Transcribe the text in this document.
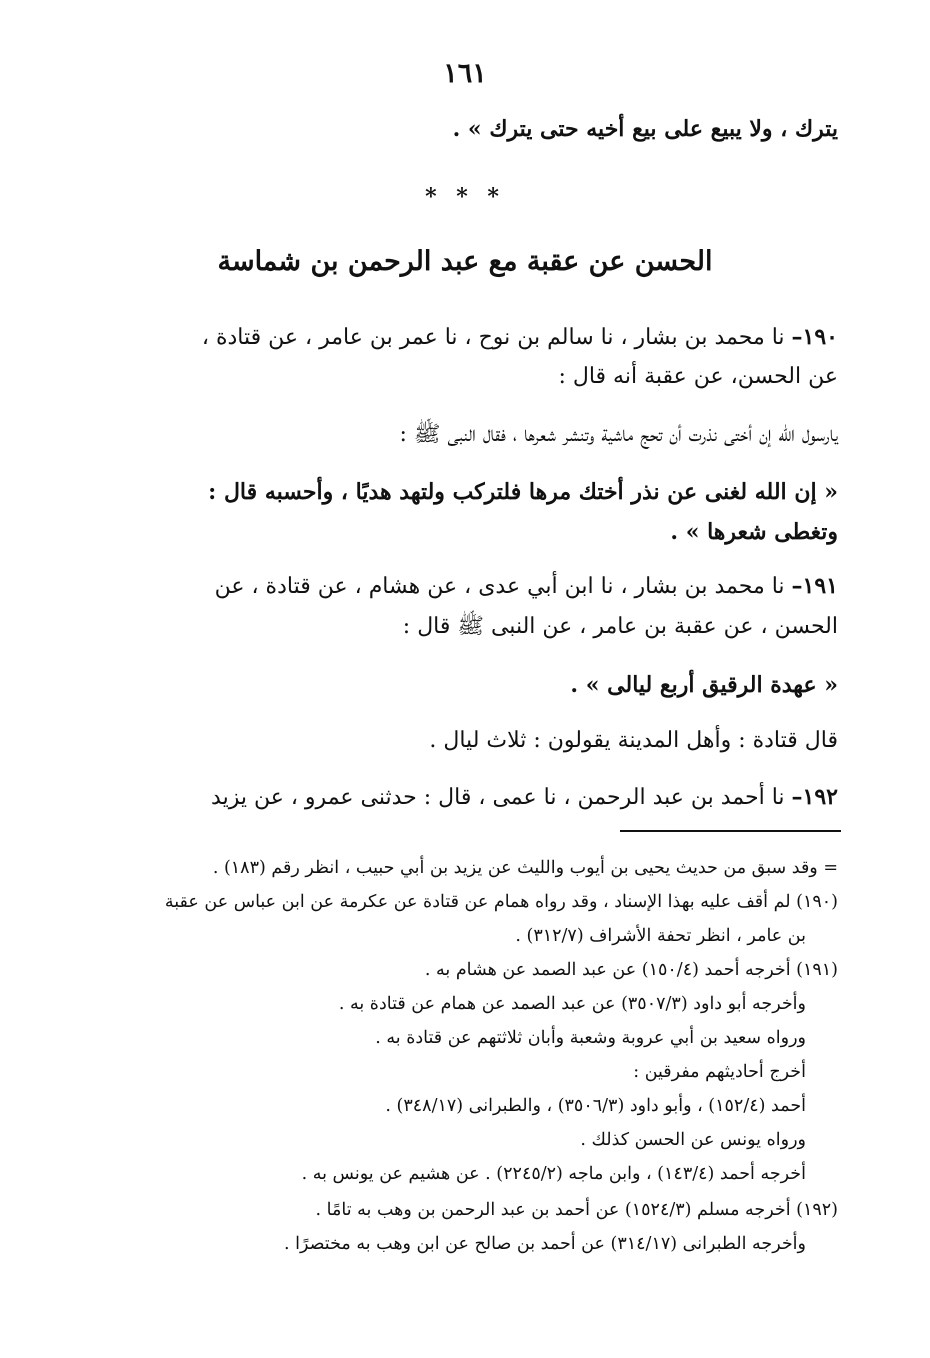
١٦١
يترك ، ولا يبيع على بيع أخيه حتى يترك » .
* * *
الحسن عن عقبة مع عبد الرحمن بن شماسة
١٩٠– نا محمد بن بشار ، نا سالم بن نوح ، نا عمر بن عامر ، عن قتادة ،
عن الحسن، عن عقبة أنه قال :
يارسول الله إن أختى نذرت أن تحج ماشية وتنشر شعرها ، فقال النبى ﷺ :
« إن الله لغنى عن نذر أختك مرها فلتركب ولتهد هديًا ، وأحسبه قال :
وتغطى شعرها » .
١٩١– نا محمد بن بشار ، نا ابن أبي عدى ، عن هشام ، عن قتادة ، عن
الحسن ، عن عقبة بن عامر ، عن النبى ﷺ قال :
« عهدة الرقيق أربع ليالى » .
قال قتادة : وأهل المدينة يقولون : ثلاث ليال .
١٩٢– نا أحمد بن عبد الرحمن ، نا عمى ، قال : حدثنى عمرو ، عن يزيد
= وقد سبق من حديث يحيى بن أيوب والليث عن يزيد بن أبي حبيب ، انظر رقم (١٨٣) .
(١٩٠) لم أقف عليه بهذا الإسناد ، وقد رواه همام عن قتادة عن عكرمة عن ابن عباس عن عقبة
بن عامر ، انظر تحفة الأشراف (٣١٢/٧) .
(١٩١) أخرجه أحمد (١٥٠/٤) عن عبد الصمد عن هشام به .
وأخرجه أبو داود (٣٥٠٧/٣) عن عبد الصمد عن همام عن قتادة به .
ورواه سعيد بن أبي عروبة وشعبة وأبان ثلاثتهم عن قتادة به .
أخرج أحاديثهم مفرقين :
أحمد (١٥٢/٤) ، وأبو داود (٣٥٠٦/٣) ، والطبرانى (٣٤٨/١٧) .
ورواه يونس عن الحسن كذلك .
أخرجه أحمد (١٤٣/٤) ، وابن ماجه (٢٢٤٥/٢) . عن هشيم عن يونس به .
(١٩٢) أخرجه مسلم (١٥٢٤/٣) عن أحمد بن عبد الرحمن بن وهب به تامًا .
وأخرجه الطبرانى (٣١٤/١٧) عن أحمد بن صالح عن ابن وهب به مختصرًا .
